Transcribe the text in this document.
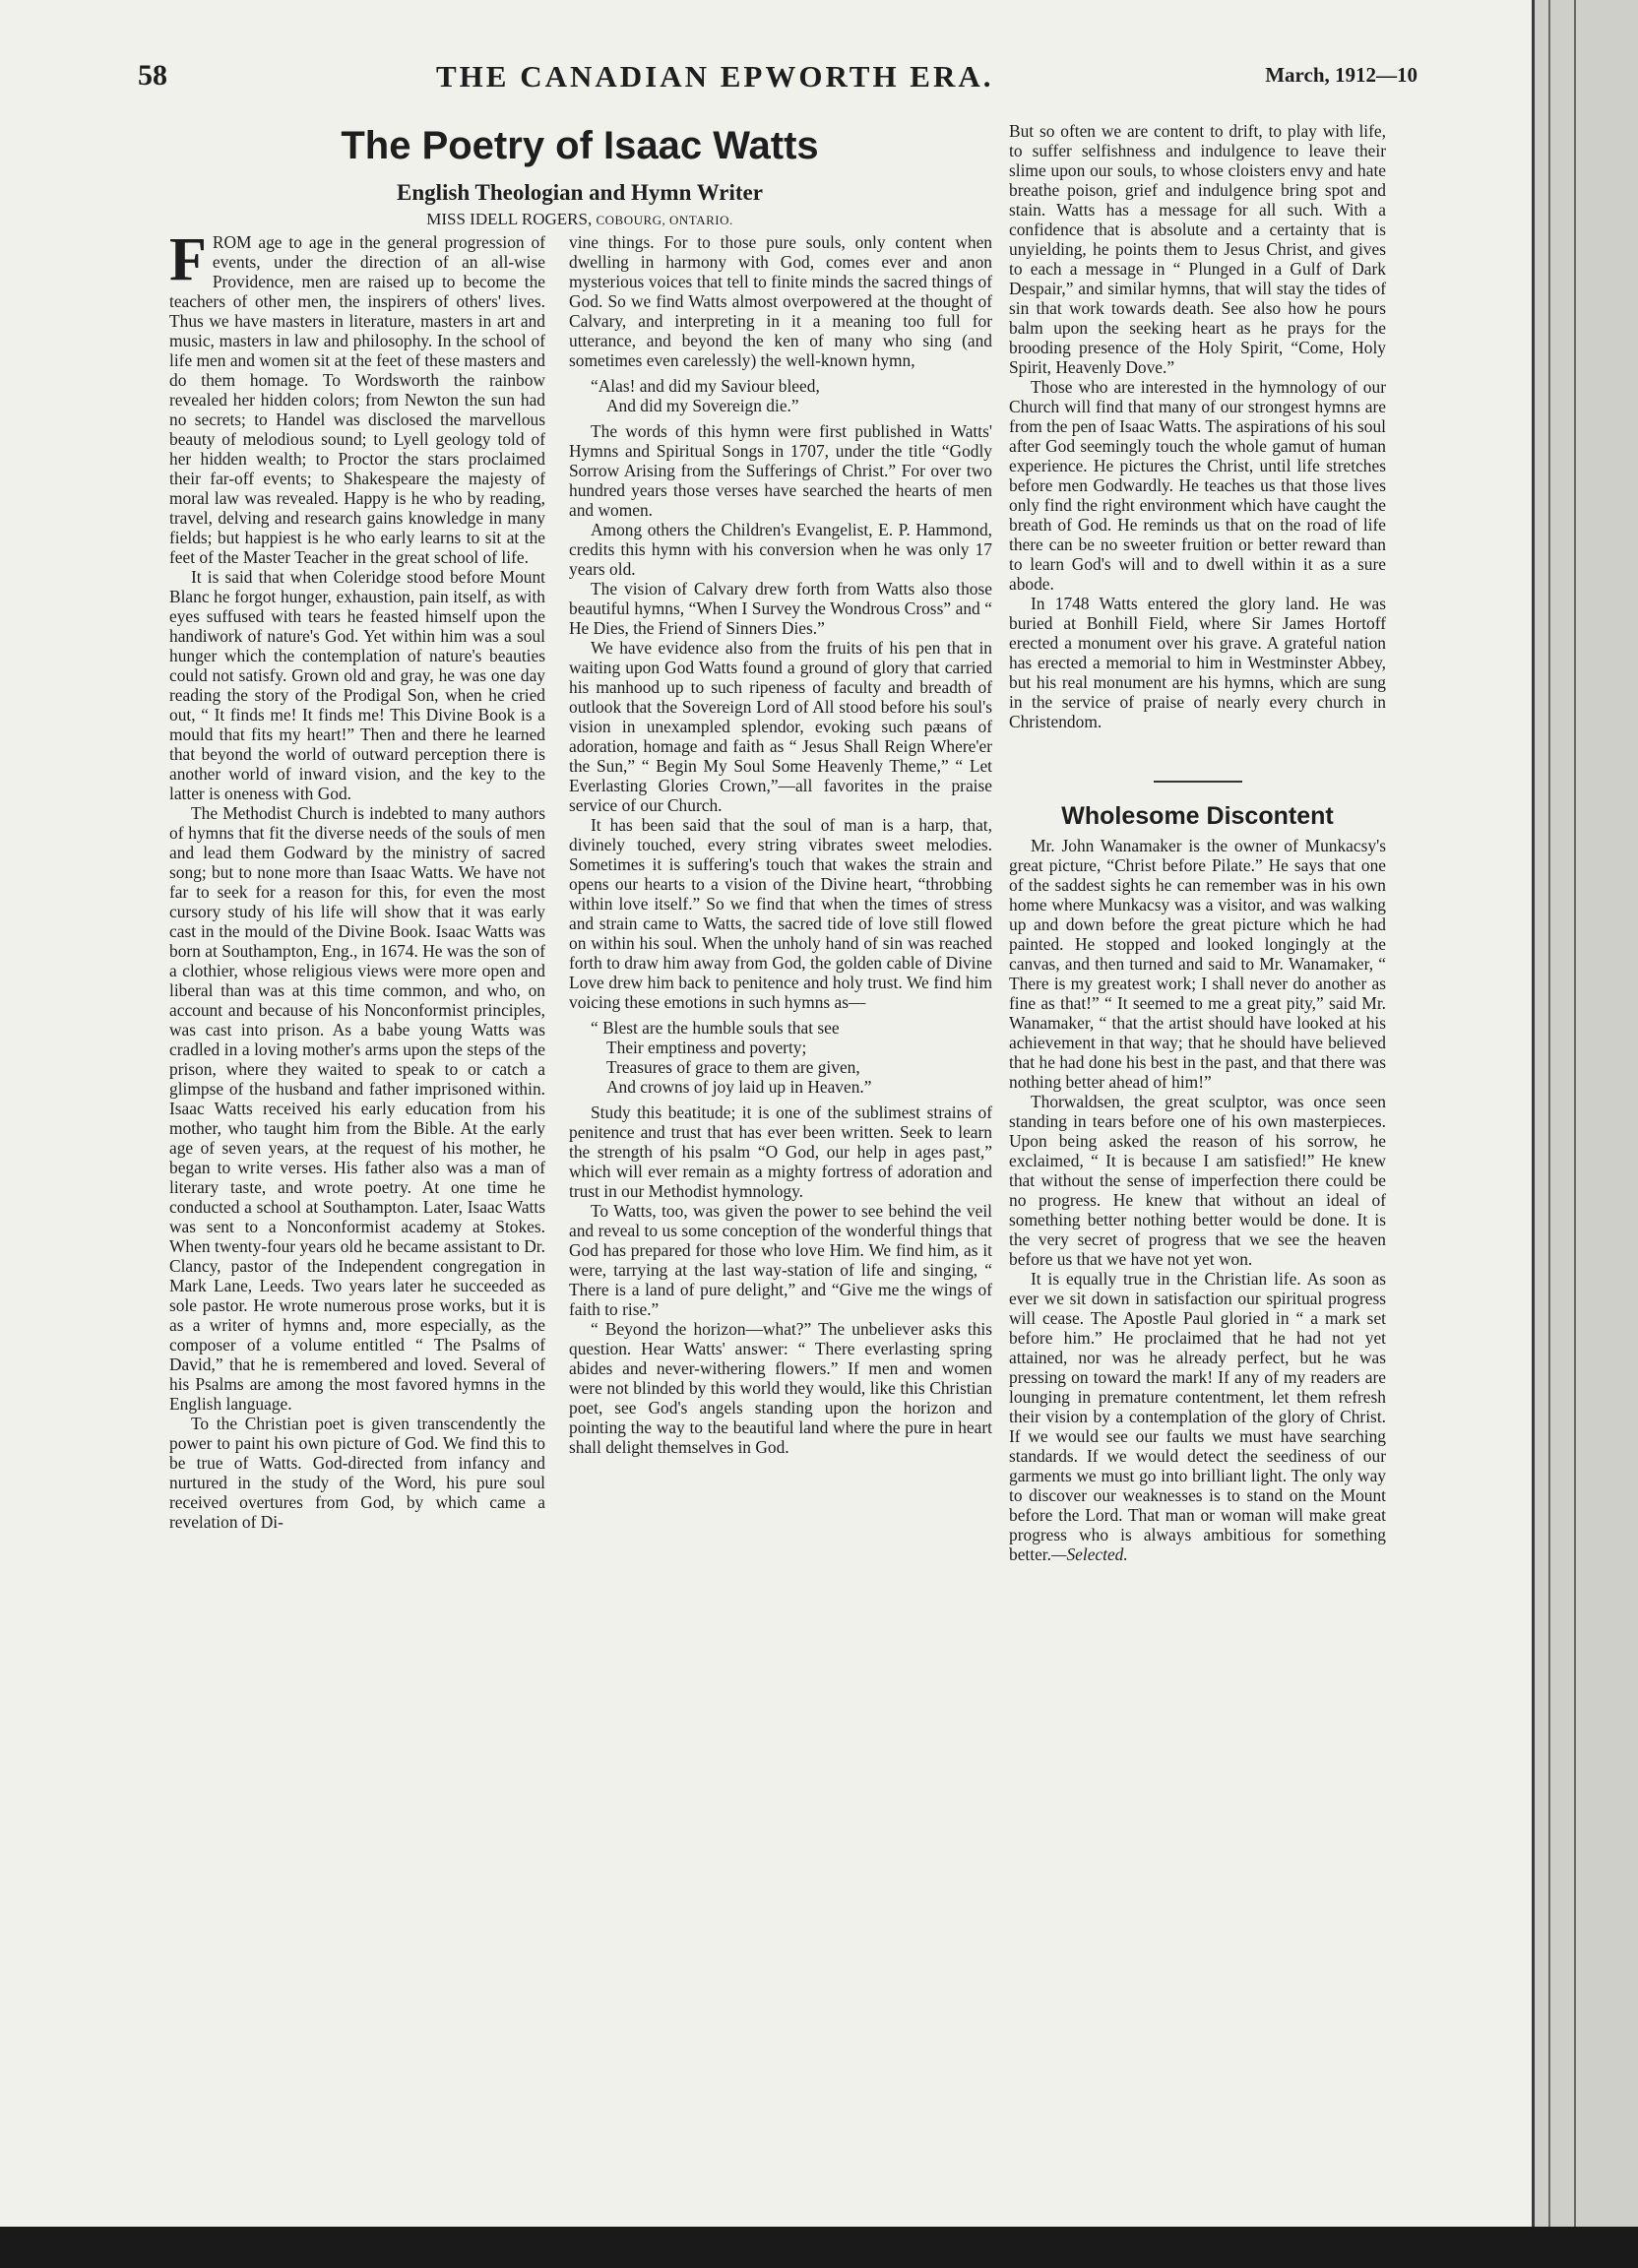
58	THE CANADIAN EPWORTH ERA.	March, 1912—10
The Poetry of Isaac Watts
English Theologian and Hymn Writer
MISS IDELL ROGERS, COBOURG, ONTARIO.

FROM age to age in the general progression of events, under the direction of an all-wise Providence, men are raised up to become the teachers of other men, the inspirers of others' lives. Thus we have masters in literature, masters in art and music, masters in law and philosophy. In the school of life men and women sit at the feet of these masters and do them homage. To Wordsworth the rainbow revealed her hidden colors; from Newton the sun had no secrets; to Handel was disclosed the marvellous beauty of melodious sound; to Lyell geology told of her hidden wealth; to Proctor the stars proclaimed their far-off events; to Shakespeare the majesty of moral law was revealed. Happy is he who by reading, travel, delving and research gains knowledge in many fields; but happiest is he who early learns to sit at the feet of the Master Teacher in the great school of life.

It is said that when Coleridge stood before Mount Blanc he forgot hunger, exhaustion, pain itself, as with eyes suffused with tears he feasted himself upon the handiwork of nature's God. Yet within him was a soul hunger which the contemplation of nature's beauties could not satisfy. Grown old and gray, he was one day reading the story of the Prodigal Son, when he cried out, “ It finds me! It finds me! This Divine Book is a mould that fits my heart!” Then and there he learned that beyond the world of outward perception there is another world of inward vision, and the key to the latter is oneness with God.

The Methodist Church is indebted to many authors of hymns that fit the diverse needs of the souls of men and lead them Godward by the ministry of sacred song; but to none more than Isaac Watts. We have not far to seek for a reason for this, for even the most cursory study of his life will show that it was early cast in the mould of the Divine Book. Isaac Watts was born at Southampton, Eng., in 1674. He was the son of a clothier, whose religious views were more open and liberal than was at this time common, and who, on account and because of his Nonconformist principles, was cast into prison. As a babe young Watts was cradled in a loving mother's arms upon the steps of the prison, where they waited to speak to or catch a glimpse of the husband and father imprisoned within. Isaac Watts received his early education from his mother, who taught him from the Bible. At the early age of seven years, at the request of his mother, he began to write verses. His father also was a man of literary taste, and wrote poetry. At one time he conducted a school at Southampton. Later, Isaac Watts was sent to a Nonconformist academy at Stokes. When twenty-four years old he became assistant to Dr. Clancy, pastor of the Independent congregation in Mark Lane, Leeds. Two years later he succeeded as sole pastor. He wrote numerous prose works, but it is as a writer of hymns and, more especially, as the composer of a volume entitled “ The Psalms of David,” that he is remembered and loved. Several of his Psalms are among the most favored hymns in the English language.

To the Christian poet is given transcendently the power to paint his own picture of God. We find this to be true of Watts. God-directed from infancy and nurtured in the study of the Word, his pure soul received overtures from God, by which came a revelation of Di-

vine things. For to those pure souls, only content when dwelling in harmony with God, comes ever and anon mysterious voices that tell to finite minds the sacred things of God. So we find Watts almost overpowered at the thought of Calvary, and interpreting in it a meaning too full for utterance, and beyond the ken of many who sing (and sometimes even carelessly) the well-known hymn,

“Alas! and did my Saviour bleed,
And did my Sovereign die.”

The words of this hymn were first published in Watts' Hymns and Spiritual Songs in 1707, under the title “Godly Sorrow Arising from the Sufferings of Christ.” For over two hundred years those verses have searched the hearts of men and women.

Among others the Children's Evangelist, E. P. Hammond, credits this hymn with his conversion when he was only 17 years old.

The vision of Calvary drew forth from Watts also those beautiful hymns, “When I Survey the Wondrous Cross” and “ He Dies, the Friend of Sinners Dies.”

We have evidence also from the fruits of his pen that in waiting upon God Watts found a ground of glory that carried his manhood up to such ripeness of faculty and breadth of outlook that the Sovereign Lord of All stood before his soul's vision in unexampled splendor, evoking such pæans of adoration, homage and faith as “ Jesus Shall Reign Where'er the Sun,” “ Begin My Soul Some Heavenly Theme,” “ Let Everlasting Glories Crown,”—all favorites in the praise service of our Church.

It has been said that the soul of man is a harp, that, divinely touched, every string vibrates sweet melodies. Sometimes it is suffering's touch that wakes the strain and opens our hearts to a vision of the Divine heart, “throbbing within love itself.” So we find that when the times of stress and strain came to Watts, the sacred tide of love still flowed on within his soul. When the unholy hand of sin was reached forth to draw him away from God, the golden cable of Divine Love drew him back to penitence and holy trust. We find him voicing these emotions in such hymns as—

“ Blest are the humble souls that see
Their emptiness and poverty;
Treasures of grace to them are given,
And crowns of joy laid up in Heaven.”

Study this beatitude; it is one of the sublimest strains of penitence and trust that has ever been written. Seek to learn the strength of his psalm “O God, our help in ages past,” which will ever remain as a mighty fortress of adoration and trust in our Methodist hymnology.

To Watts, too, was given the power to see behind the veil and reveal to us some conception of the wonderful things that God has prepared for those who love Him. We find him, as it were, tarrying at the last way-station of life and singing, “ There is a land of pure delight,” and “Give me the wings of faith to rise.”

“ Beyond the horizon—what?” The unbeliever asks this question. Hear Watts' answer: “ There everlasting spring abides and never-withering flowers.” If men and women were not blinded by this world they would, like this Christian poet, see God's angels standing upon the horizon and pointing the way to the beautiful land where the pure in heart shall delight themselves in God.

But so often we are content to drift, to play with life, to suffer selfishness and indulgence to leave their slime upon our souls, to whose cloisters envy and hate breathe poison, grief and indulgence bring spot and stain. Watts has a message for all such. With a confidence that is absolute and a certainty that is unyielding, he points them to Jesus Christ, and gives to each a message in “ Plunged in a Gulf of Dark Despair,” and similar hymns, that will stay the tides of sin that work towards death. See also how he pours balm upon the seeking heart as he prays for the brooding presence of the Holy Spirit, “Come, Holy Spirit, Heavenly Dove.”

Those who are interested in the hymnology of our Church will find that many of our strongest hymns are from the pen of Isaac Watts. The aspirations of his soul after God seemingly touch the whole gamut of human experience. He pictures the Christ, until life stretches before men Godwardly. He teaches us that those lives only find the right environment which have caught the breath of God. He reminds us that on the road of life there can be no sweeter fruition or better reward than to learn God's will and to dwell within it as a sure abode.

In 1748 Watts entered the glory land. He was buried at Bonhill Field, where Sir James Hortoff erected a monument over his grave. A grateful nation has erected a memorial to him in Westminster Abbey, but his real monument are his hymns, which are sung in the service of praise of nearly every church in Christendom.

Wholesome Discontent

Mr. John Wanamaker is the owner of Munkacsy's great picture, “Christ before Pilate.” He says that one of the saddest sights he can remember was in his own home where Munkacsy was a visitor, and was walking up and down before the great picture which he had painted. He stopped and looked longingly at the canvas, and then turned and said to Mr. Wanamaker, “ There is my greatest work; I shall never do another as fine as that!” “ It seemed to me a great pity,” said Mr. Wanamaker, “ that the artist should have looked at his achievement in that way; that he should have believed that he had done his best in the past, and that there was nothing better ahead of him!”

Thorwaldsen, the great sculptor, was once seen standing in tears before one of his own masterpieces. Upon being asked the reason of his sorrow, he exclaimed, “ It is because I am satisfied!” He knew that without the sense of imperfection there could be no progress. He knew that without an ideal of something better nothing better would be done. It is the very secret of progress that we see the heaven before us that we have not yet won.

It is equally true in the Christian life. As soon as ever we sit down in satisfaction our spiritual progress will cease. The Apostle Paul gloried in “ a mark set before him.” He proclaimed that he had not yet attained, nor was he already perfect, but he was pressing on toward the mark! If any of my readers are lounging in premature contentment, let them refresh their vision by a contemplation of the glory of Christ. If we would see our faults we must have searching standards. If we would detect the seediness of our garments we must go into brilliant light. The only way to discover our weaknesses is to stand on the Mount before the Lord. That man or woman will make great progress who is always ambitious for something better.—Selected.
